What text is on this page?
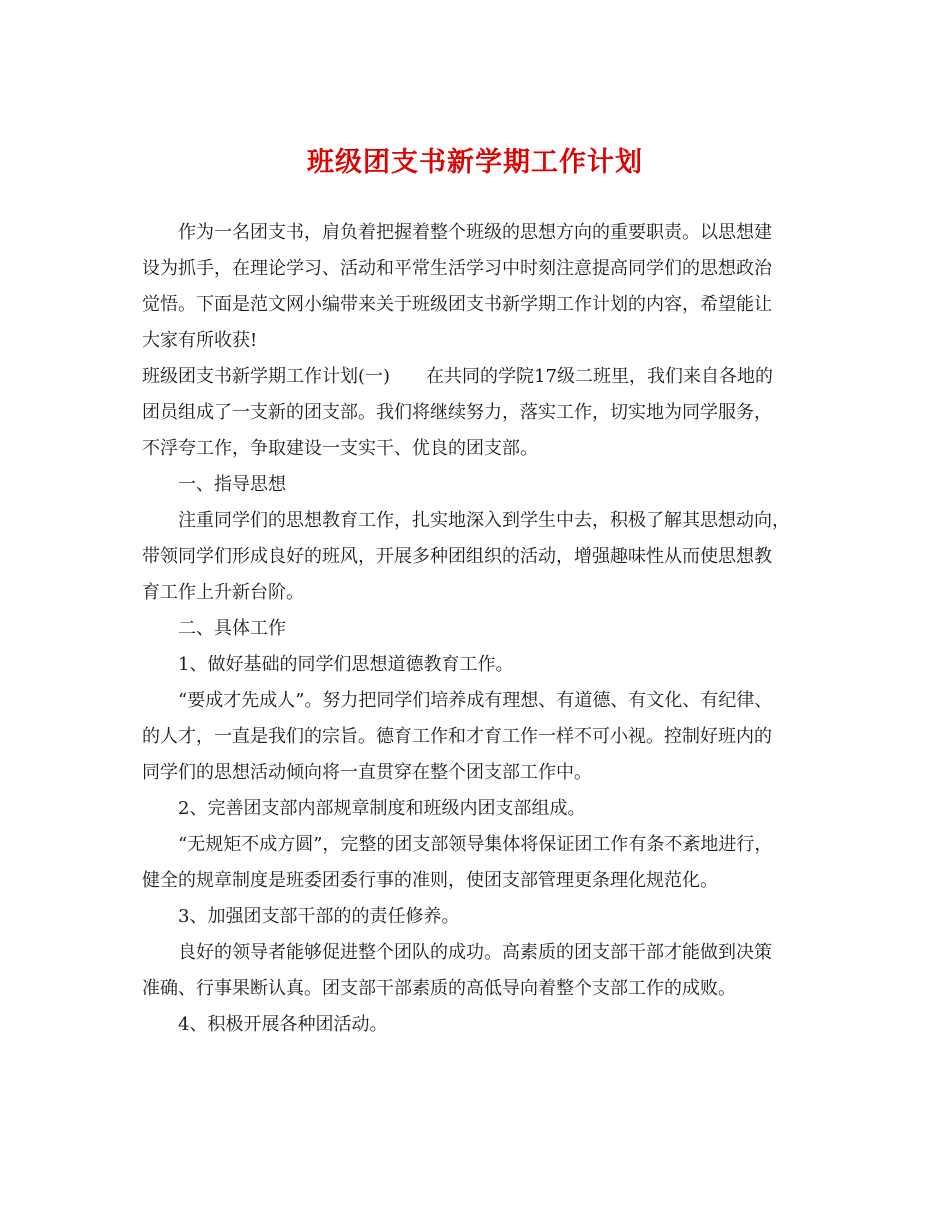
班级团支书新学期工作计划

作为一名团支书，肩负着把握着整个班级的思想方向的重要职责。以思想建

设为抓手，在理论学习、活动和平常生活学习中时刻注意提高同学们的思想政治

觉悟。下面是范文网小编带来关于班级团支书新学期工作计划的内容，希望能让

大家有所收获!

班级团支书新学期工作计划(一) 在共同的学院17级二班里，我们来自各地的

团员组成了一支新的团支部。我们将继续努力，落实工作，切实地为同学服务，

不浮夸工作，争取建设一支实干、优良的团支部。

一、指导思想

注重同学们的思想教育工作，扎实地深入到学生中去，积极了解其思想动向，

带领同学们形成良好的班风，开展多种团组织的活动，增强趣味性从而使思想教

育工作上升新台阶。

二、具体工作

1、做好基础的同学们思想道德教育工作。

“要成才先成人”。努力把同学们培养成有理想、有道德、有文化、有纪律、

的人才，一直是我们的宗旨。德育工作和才育工作一样不可小视。控制好班内的

同学们的思想活动倾向将一直贯穿在整个团支部工作中。

2、完善团支部内部规章制度和班级内团支部组成。

“无规矩不成方圆”，完整的团支部领导集体将保证团工作有条不紊地进行，

健全的规章制度是班委团委行事的准则，使团支部管理更条理化规范化。

3、加强团支部干部的的责任修养。

良好的领导者能够促进整个团队的成功。高素质的团支部干部才能做到决策

准确、行事果断认真。团支部干部素质的高低导向着整个支部工作的成败。

4、积极开展各种团活动。
